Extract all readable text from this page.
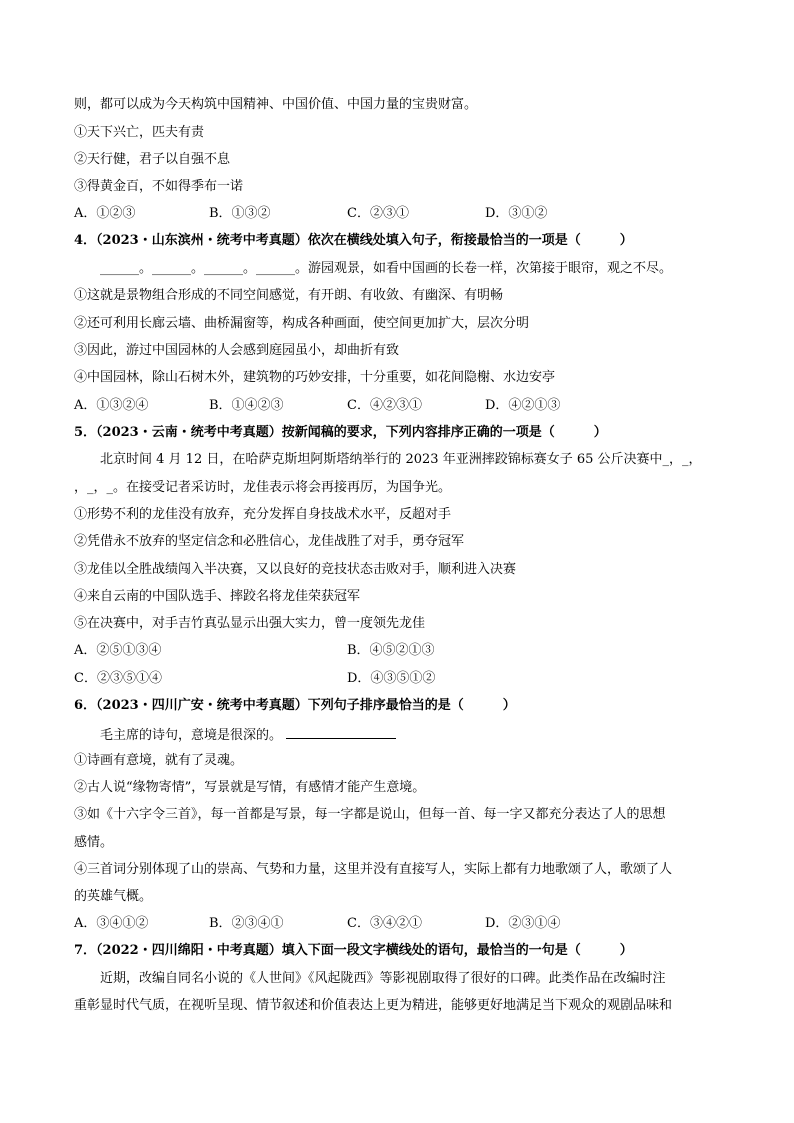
则，都可以成为今天构筑中国精神、中国价值、中国力量的宝贵财富。
①天下兴亡，匹夫有责
②天行健，君子以自强不息
③得黄金百，不如得季布一诺
A．①②③	B．①③②	C．②③①	D．③①②
4．（2023・山东滨州・统考中考真题）依次在横线处填入句子，衔接最恰当的一项是（　　　）
______。______。______。______。游园观景，如看中国画的长卷一样，次第接于眼帘，观之不尽。
①这就是景物组合形成的不同空间感觉，有开朗、有收敛、有幽深、有明畅
②还可利用长廊云墙、曲桥漏窗等，构成各种画面，使空间更加扩大，层次分明
③因此，游过中国园林的人会感到庭园虽小，却曲折有致
④中国园林，除山石树木外，建筑物的巧妙安排，十分重要，如花间隐榭、水边安亭
A．①③②④	B．①④②③	C．④②③①	D．④②①③
5．（2023・云南・统考中考真题）按新闻稿的要求，下列内容排序正确的一项是（　　　）
北京时间 4 月 12 日，在哈萨克斯坦阿斯塔纳举行的 2023 年亚洲摔跤锦标赛女子 65 公斤决赛中_，_，
，_，_。在接受记者采访时，龙佳表示将会再接再厉，为国争光。
①形势不利的龙佳没有放弃，充分发挥自身技战术水平，反超对手
②凭借永不放弃的坚定信念和必胜信心，龙佳战胜了对手，勇夺冠军
③龙佳以全胜战绩闯入半决赛，又以良好的竞技状态击败对手，顺利进入决赛
④来自云南的中国队选手、摔跤名将龙佳荣获冠军
⑤在决赛中，对手吉竹真弘显示出强大实力，曾一度领先龙佳
A．②⑤①③④	B．④⑤②①③
C．②③⑤①④	D．④③⑤①②
6．（2023・四川广安・统考中考真题）下列句子排序最恰当的是（　　　）
毛主席的诗句，意境是很深的。
①诗画有意境，就有了灵魂。
②古人说“缘物寄情”，写景就是写情，有感情才能产生意境。
③如《十六字令三首》，每一首都是写景，每一字都是说山，但每一首、每一字又都充分表达了人的思想
感情。
④三首词分别体现了山的崇高、气势和力量，这里并没有直接写人，实际上都有力地歌颂了人，歌颂了人
的英雄气概。
A．③④①②	B．②③④①	C．③④②①	D．②③①④
7．（2022・四川绵阳・中考真题）填入下面一段文字横线处的语句，最恰当的一句是（　　　）
近期，改编自同名小说的《人世间》《风起陇西》等影视剧取得了很好的口碑。此类作品在改编时注
重彰显时代气质，在视听呈现、情节叙述和价值表达上更为精进，能够更好地满足当下观众的观剧品味和
